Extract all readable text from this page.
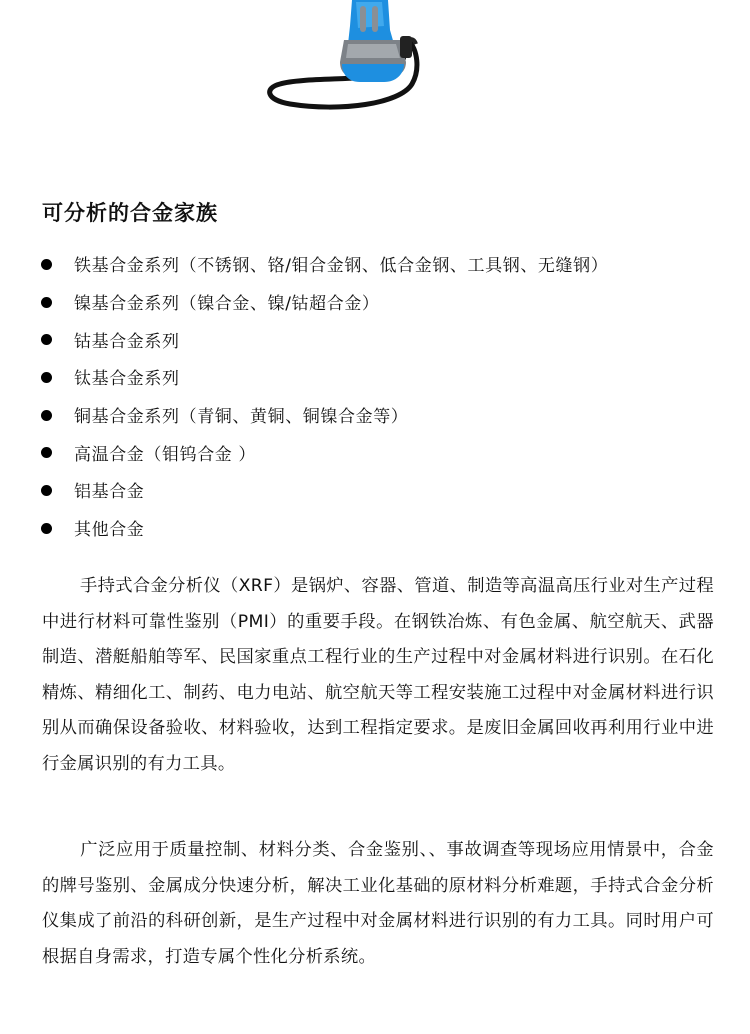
可分析的合金家族
铁基合金系列（不锈钢、铬/钼合金钢、低合金钢、工具钢、无缝钢）
镍基合金系列（镍合金、镍/钴超合金）
钴基合金系列
钛基合金系列
铜基合金系列（青铜、黄铜、铜镍合金等）
高温合金（钼钨合金 ）
铝基合金
其他合金

手持式合金分析仪（XRF）是锅炉、容器、管道、制造等高温高压行业对生产过程中进行材料可靠性鉴别（PMI）的重要手段。在钢铁冶炼、有色金属、航空航天、武器制造、潜艇船舶等军、民国家重点工程行业的生产过程中对金属材料进行识别。在石化精炼、精细化工、制药、电力电站、航空航天等工程安装施工过程中对金属材料进行识别从而确保设备验收、材料验收，达到工程指定要求。是废旧金属回收再利用行业中进行金属识别的有力工具。

广泛应用于质量控制、材料分类、合金鉴别、、事故调查等现场应用情景中，合金的牌号鉴别、金属成分快速分析，解决工业化基础的原材料分析难题，手持式合金分析仪集成了前沿的科研创新，是生产过程中对金属材料进行识别的有力工具。同时用户可根据自身需求，打造专属个性化分析系统。
